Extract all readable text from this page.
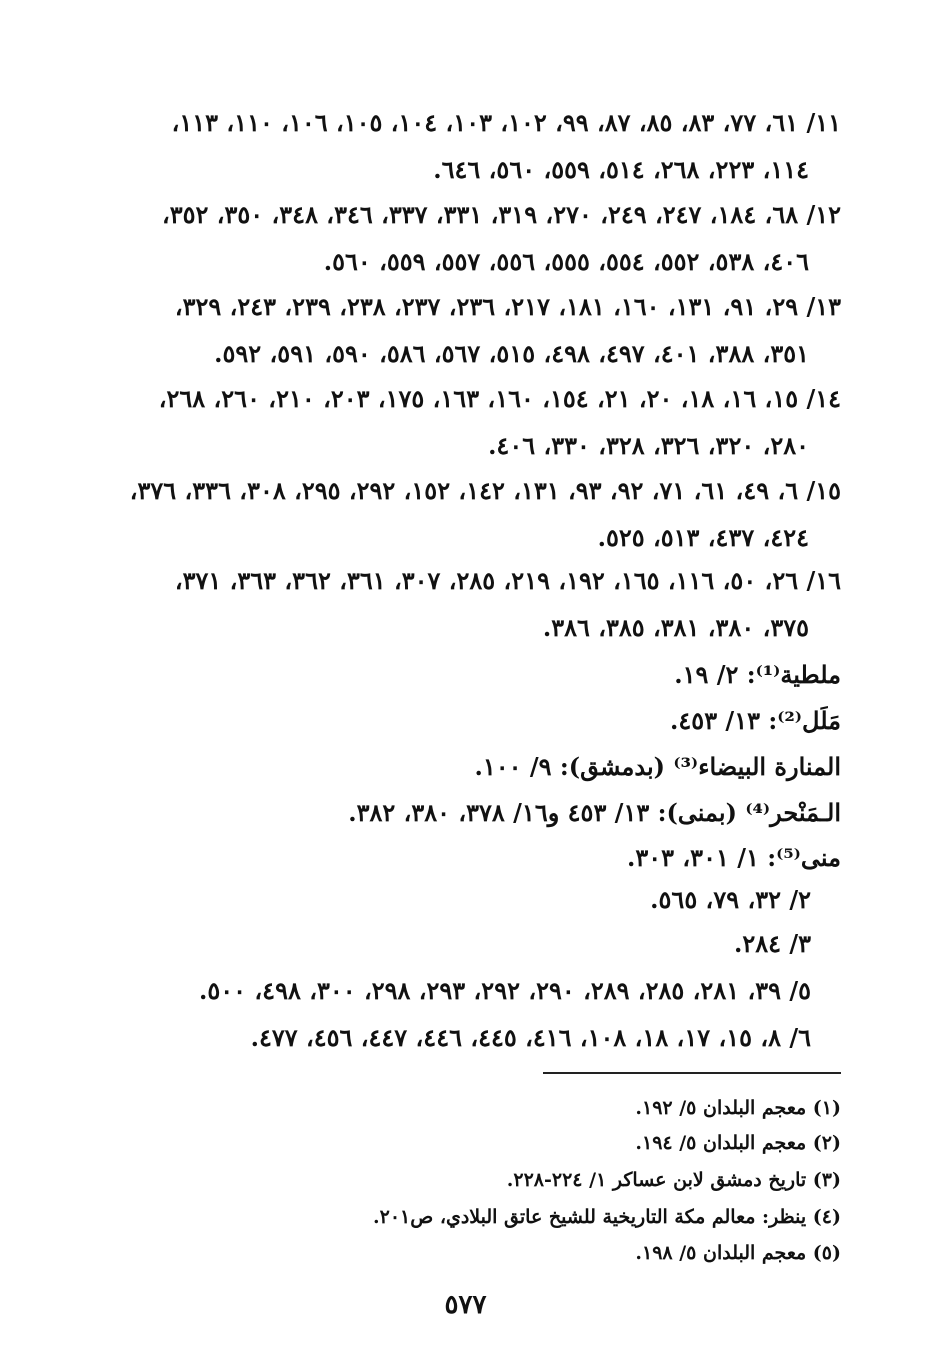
١١/ ٦١، ٧٧، ٨٣، ٨٥، ٨٧، ٩٩، ١٠٢، ١٠٣، ١٠٤، ١٠٥، ١٠٦، ١١٠، ١١٣،
١١٤، ٢٢٣، ٢٦٨، ٥١٤، ٥٥٩، ٥٦٠، ٦٤٦.
١٢/ ٦٨، ١٨٤، ٢٤٧، ٢٤٩، ٢٧٠، ٣١٩، ٣٣١، ٣٣٧، ٣٤٦، ٣٤٨، ٣٥٠، ٣٥٢،
٤٠٦، ٥٣٨، ٥٥٢، ٥٥٤، ٥٥٥، ٥٥٦، ٥٥٧، ٥٥٩، ٥٦٠.
١٣/ ٢٩، ٩١، ١٣١، ١٦٠، ١٨١، ٢١٧، ٢٣٦، ٢٣٧، ٢٣٨، ٢٣٩، ٢٤٣، ٣٢٩،
٣٥١، ٣٨٨، ٤٠١، ٤٩٧، ٤٩٨، ٥١٥، ٥٦٧، ٥٨٦، ٥٩٠، ٥٩١، ٥٩٢.
١٤/ ١٥، ١٦، ١٨، ٢٠، ٢١، ١٥٤، ١٦٠، ١٦٣، ١٧٥، ٢٠٣، ٢١٠، ٢٦٠، ٢٦٨،
٢٨٠، ٣٢٠، ٣٢٦، ٣٢٨، ٣٣٠، ٤٠٦.
١٥/ ٦، ٤٩، ٦١، ٧١، ٩٢، ٩٣، ١٣١، ١٤٢، ١٥٢، ٢٩٢، ٢٩٥، ٣٠٨، ٣٣٦، ٣٧٦،
٤٢٤، ٤٣٧، ٥١٣، ٥٢٥.
١٦/ ٢٦، ٥٠، ١١٦، ١٦٥، ١٩٢، ٢١٩، ٢٨٥، ٣٠٧، ٣٦١، ٣٦٢، ٣٦٣، ٣٧١،
٣٧٥، ٣٨٠، ٣٨١، ٣٨٥، ٣٨٦.
ملطية⁽¹⁾: ٢/ ١٩.
مَلَل⁽²⁾: ١٣/ ٤٥٣.
المنارة البيضاء⁽³⁾ (بدمشق): ٩/ ١٠٠.
الـمَنْحر⁽⁴⁾ (بمنى): ١٣/ ٤٥٣ و١٦/ ٣٧٨، ٣٨٠، ٣٨٢.
منى⁽⁵⁾: ١/ ٣٠١، ٣٠٣.
٢/ ٣٢، ٧٩، ٥٦٥.
٣/ ٢٨٤.
٥/ ٣٩، ٢٨١، ٢٨٥، ٢٨٩، ٢٩٠، ٢٩٢، ٢٩٣، ٢٩٨، ٣٠٠، ٤٩٨، ٥٠٠.
٦/ ٨، ١٥، ١٧، ١٨، ١٠٨، ٤١٦، ٤٤٥، ٤٤٦، ٤٤٧، ٤٥٦، ٤٧٧.
(١) معجم البلدان ٥/ ١٩٢.
(٢) معجم البلدان ٥/ ١٩٤.
(٣) تاريخ دمشق لابن عساكر ١/ ٢٢٤-٢٢٨.
(٤) ينظر: معالم مكة التاريخية للشيخ عاتق البلادي، ص٢٠١.
(٥) معجم البلدان ٥/ ١٩٨.
٥٧٧
